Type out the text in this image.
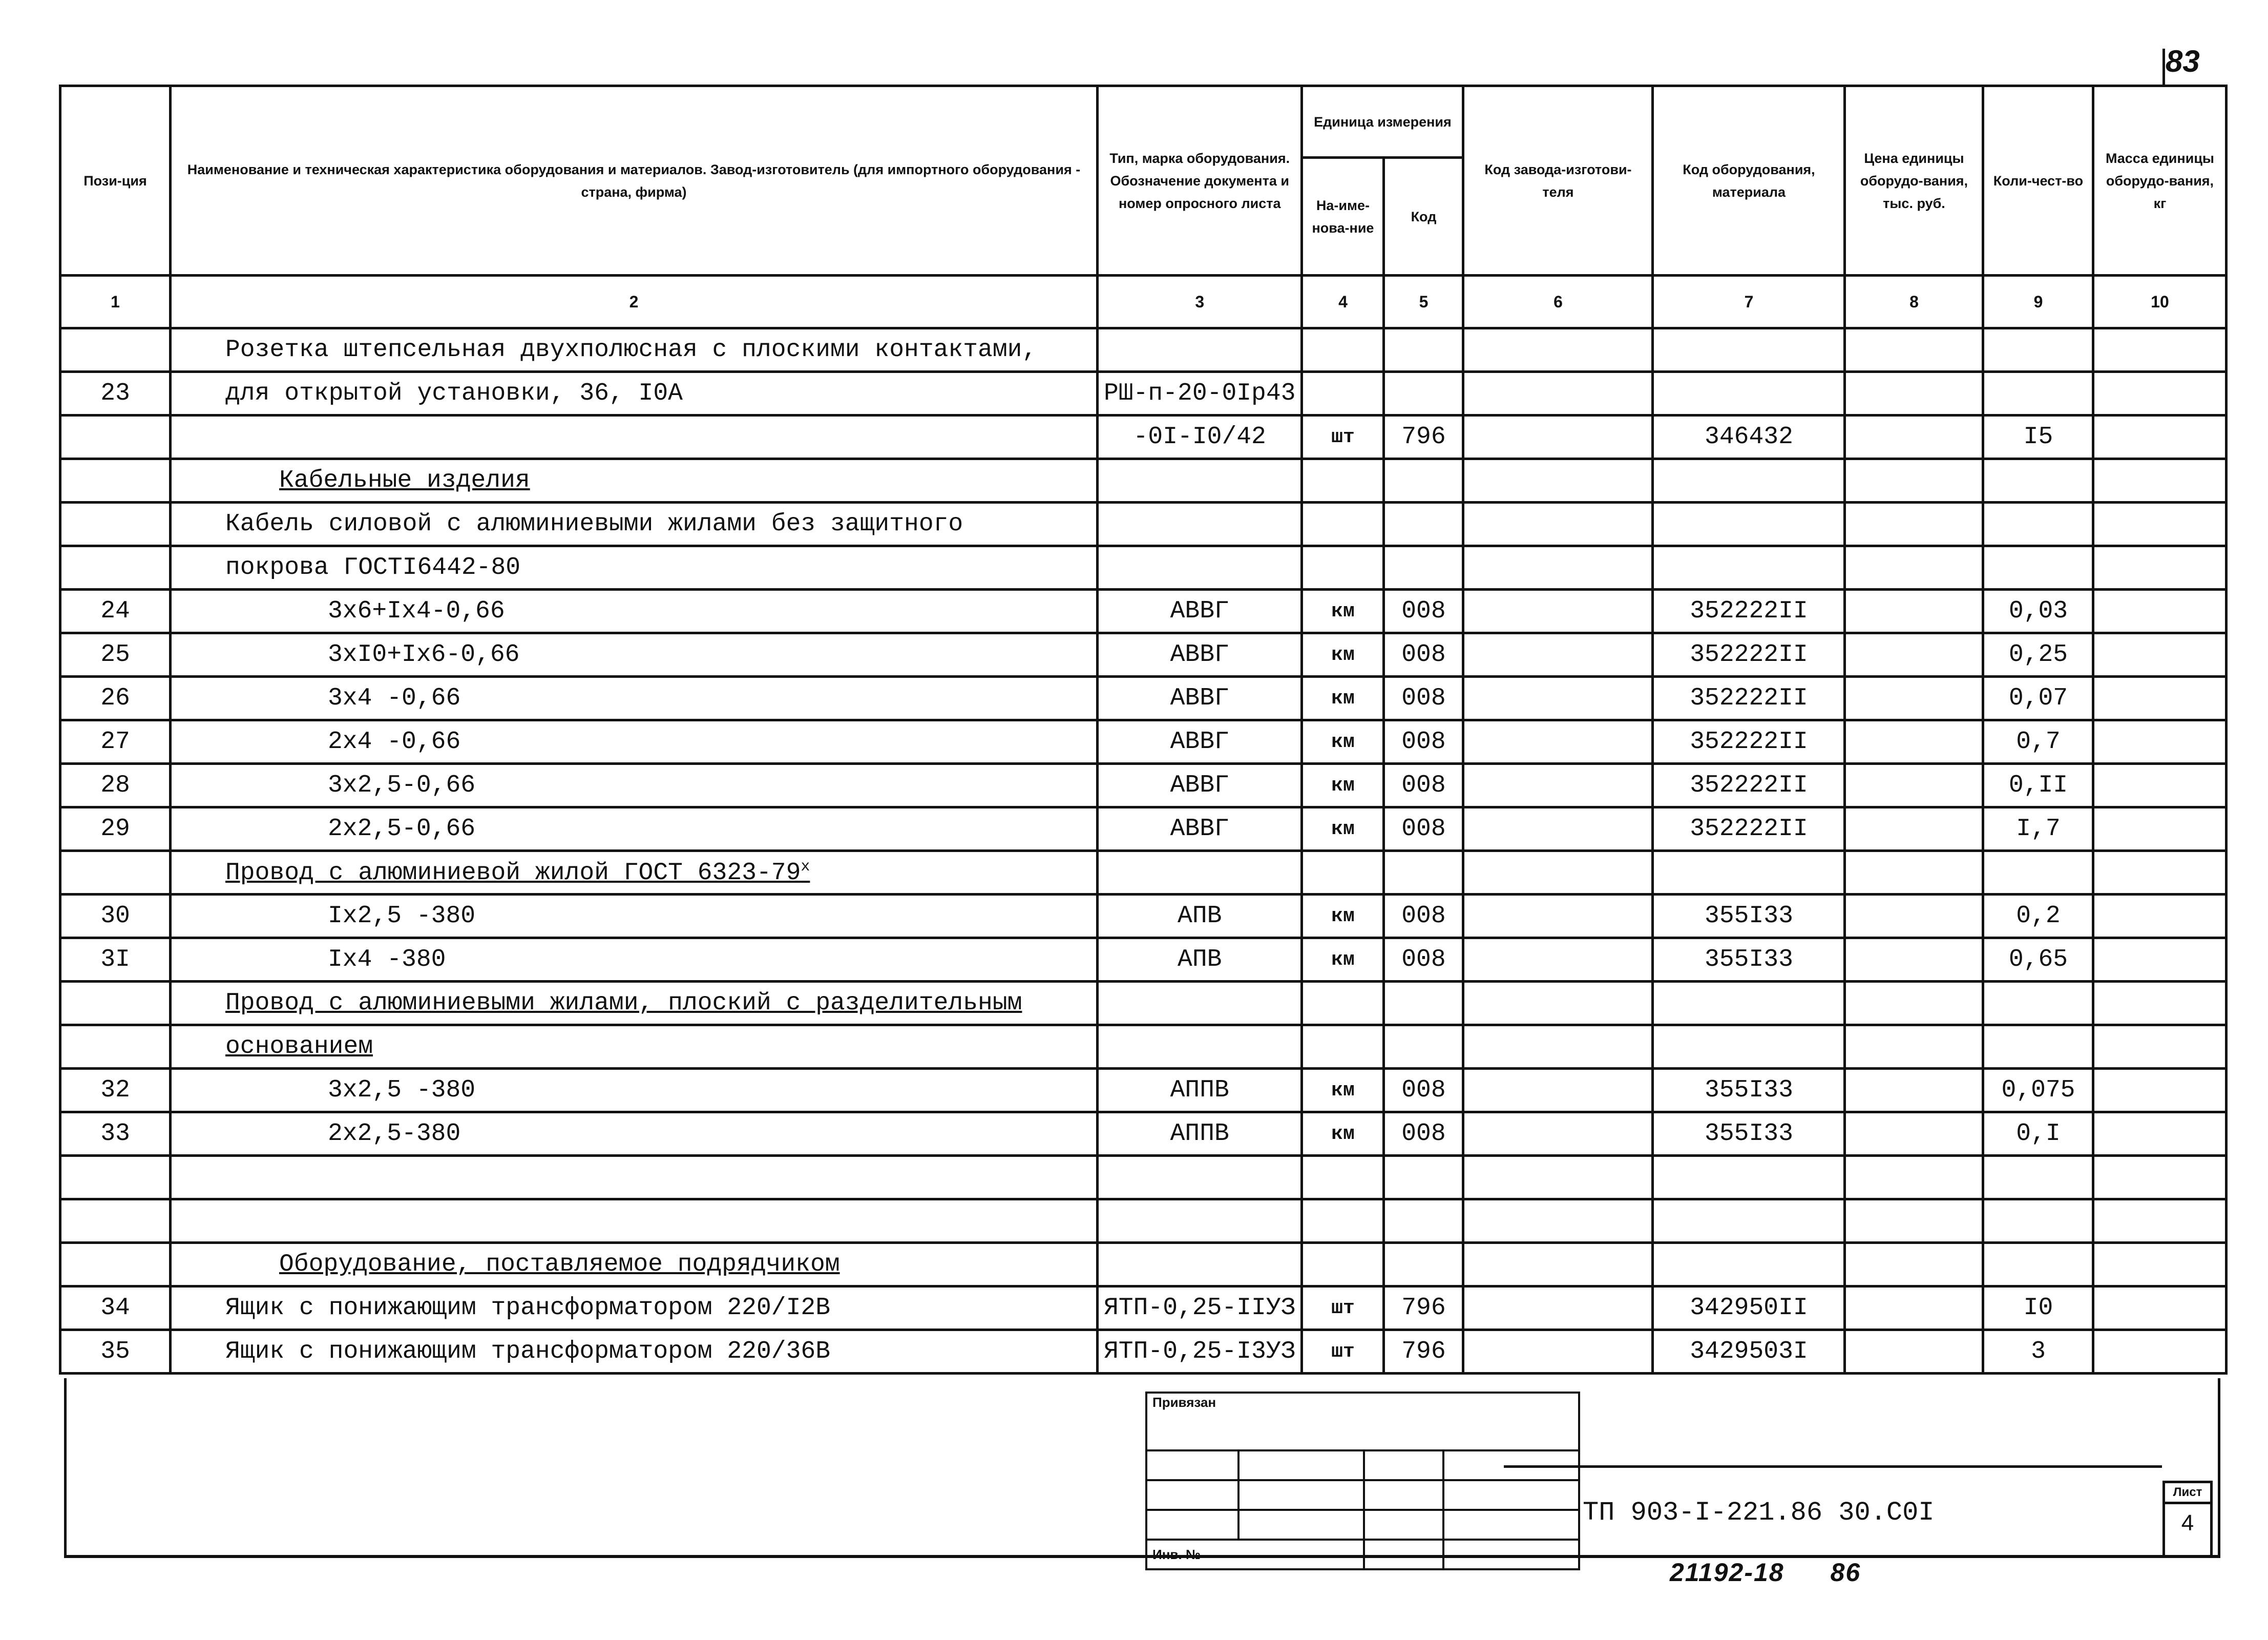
83
Пози-ция	Наименование и техническая характеристика оборудования и материалов. Завод-изготовитель (для импортного оборудования - страна, фирма)	Тип, марка оборудования. Обозначение документа и номер опросного листа	Единица измерения		Код завода-изготови-теля	Код оборудования, материала	Цена единицы оборудо-вания, тыс. руб.	Коли-чест-во	Масса единицы оборудо-вания, кг
			На-име-нова-ние	Код					
1	2	3	4	5	6	7	8	9	10
	Розетка штепсельная двухполюсная с плоскими контактами,								
23	для открытой установки, 36, I0A	РШ-п-20-0Iр43							
		-0I-I0/42	шт	796		346432		I5	
	Кабельные изделия								
	Кабель силовой с алюминиевыми жилами без защитного								
	покрова ГОСТI6442-80								
24	3х6+Iх4-0,66	АВВГ	км	008		352222II		0,03	
25	3хI0+Iх6-0,66	АВВГ	км	008		352222II		0,25	
26	3х4 -0,66	АВВГ	км	008		352222II		0,07	
27	2х4 -0,66	АВВГ	км	008		352222II		0,7	
28	3х2,5-0,66	АВВГ	км	008		352222II		0,II	
29	2х2,5-0,66	АВВГ	км	008		352222II		I,7	
	Провод с алюминиевой жилой ГОСТ 6323-79$^x$								
30	Iх2,5 -380	АПВ	км	008		355I33		0,2	
3I	Iх4 -380	АПВ	км	008		355I33		0,65	
	Провод с алюминиевыми жилами, плоский с разделительным								
	основанием								
32	3х2,5 -380	АППВ	км	008		355I33		0,075	
33	2х2,5-380	АППВ	км	008		355I33		0,I	

	Оборудование, поставляемое подрядчиком								
34	Ящик с понижающим трансформатором 220/I2В	ЯТП-0,25-IIУЗ	шт	796		342950II		I0	
35	Ящик с понижающим трансформатором 220/36В	ЯТП-0,25-I3УЗ	шт	796		3429503I		3	
Привязан			

Инв. №			
ТП 903-I-221.86 30.С0I
Лист
4
21192-18 86
